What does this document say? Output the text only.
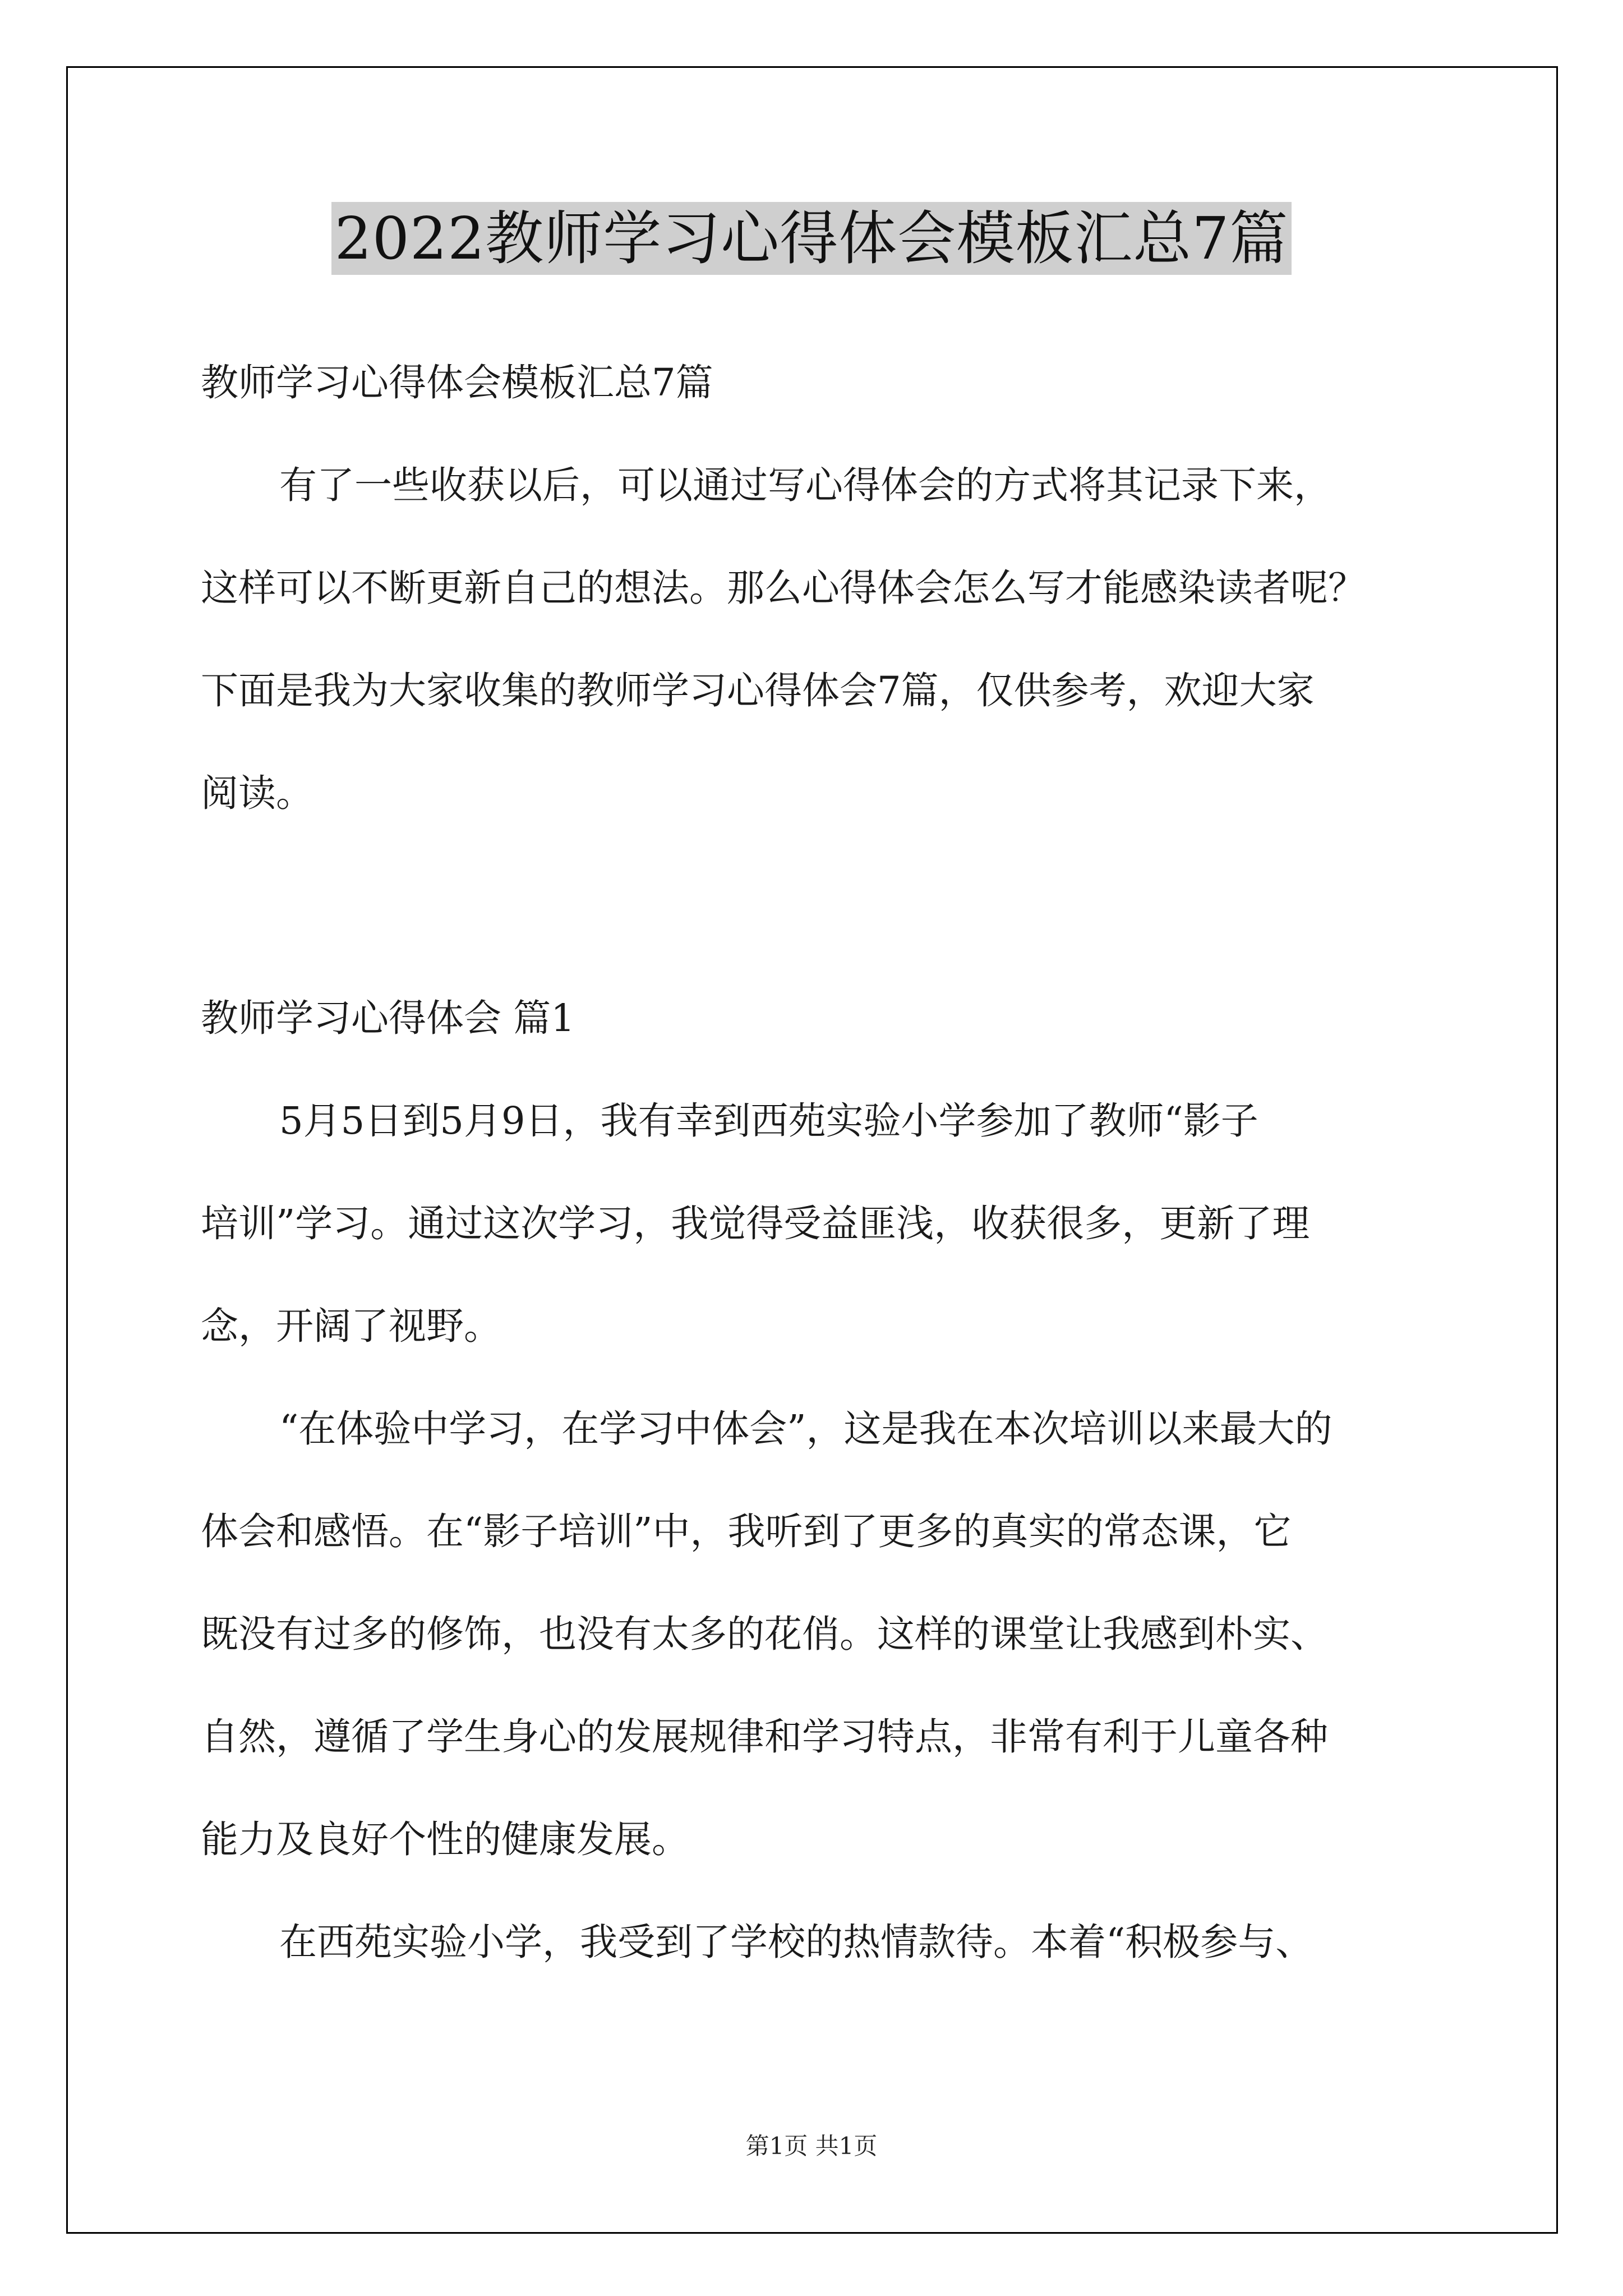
2022教师学习心得体会模板汇总7篇
教师学习心得体会模板汇总7篇
有了一些收获以后，可以通过写心得体会的方式将其记录下来，
这样可以不断更新自己的想法。那么心得体会怎么写才能感染读者呢？
下面是我为大家收集的教师学习心得体会7篇，仅供参考，欢迎大家
阅读。
教师学习心得体会 篇1
5月5日到5月9日，我有幸到西苑实验小学参加了教师“影子
培训”学习。通过这次学习，我觉得受益匪浅，收获很多，更新了理
念，开阔了视野。
“在体验中学习，在学习中体会”，这是我在本次培训以来最大的
体会和感悟。在“影子培训”中，我听到了更多的真实的常态课，它
既没有过多的修饰，也没有太多的花俏。这样的课堂让我感到朴实、
自然，遵循了学生身心的发展规律和学习特点，非常有利于儿童各种
能力及良好个性的健康发展。
在西苑实验小学，我受到了学校的热情款待。本着“积极参与、
第1页 共1页
